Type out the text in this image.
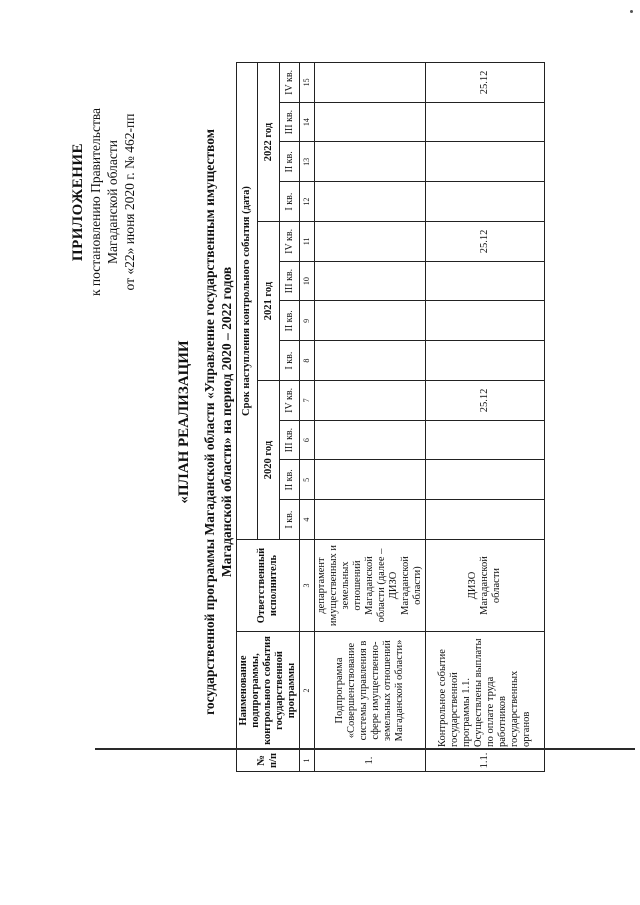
ПРИЛОЖЕНИЕ к постановлению Правительства Магаданской области от «22» июня 2020 г. № 462-пп
«ПЛАН РЕАЛИЗАЦИИ государственной программы Магаданской области «Управление государственным имуществом Магаданской области» на период 2020 – 2022 годов
№ п/п	Наименование подпрограммы, контрольного события государственной программы	Ответственный исполнитель	Срок наступления контрольного события (дата)											
			2020 год				2021 год				2022 год			
			I кв.	II кв.	III кв.	IV кв.	I кв.	II кв.	III кв.	IV кв.	I кв.	II кв.	III кв.	IV кв.
1	2	3	4	5	6	7	8	9	10	11	12	13	14	15
1.	Подпрограмма «Совершенствование системы управления в сфере имущественно-земельных отношений Магаданской области»	департамент имущественных и земельных отношений Магаданской области (далее – ДИЗО Магаданской области)												
1.1.	Контрольное событие государственной программы 1.1. Осуществлены выплаты по оплате труда работников государственных органов	ДИЗО Магаданской области				25.12				25.12				25.12
